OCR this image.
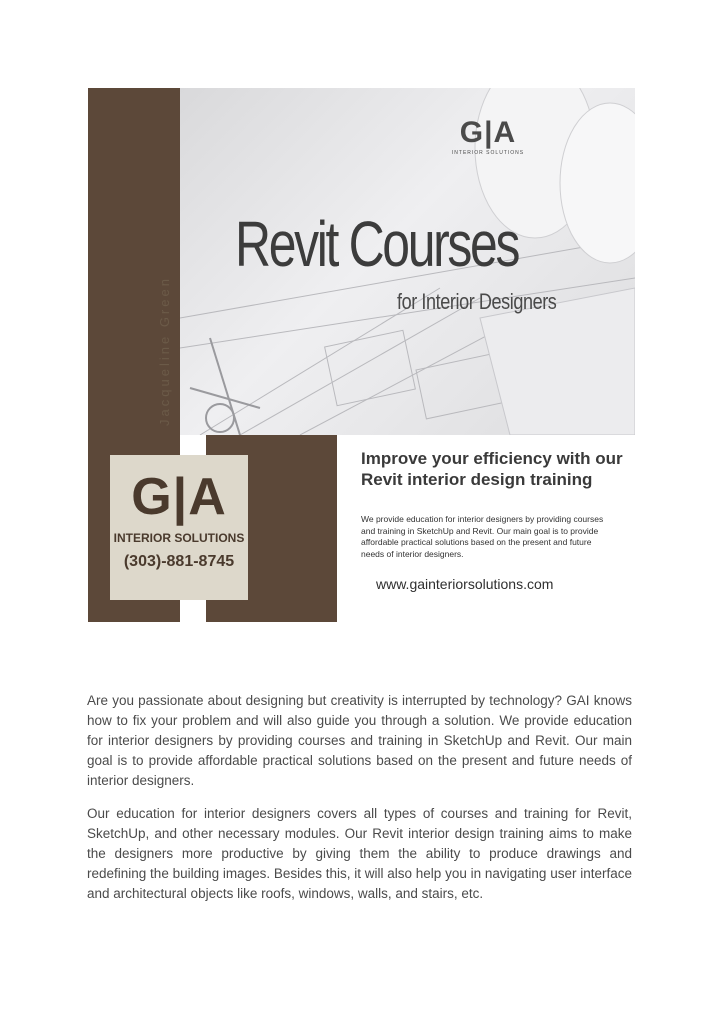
G|A
INTERIOR SOLUTIONS
Jacqueline Green
Revit Courses
for Interior Designers
G|A
INTERIOR SOLUTIONS
(303)-881-8745
Improve your efficiency with our Revit interior design training
We provide education for interior designers by providing courses and training in SketchUp and Revit. Our main goal is to provide affordable practical solutions based on the present and future needs of interior designers.
www.gainteriorsolutions.com

Are you passionate about designing but creativity is interrupted by technology? GAI knows how to fix your problem and will also guide you through a solution. We provide education for interior designers by providing courses and training in SketchUp and Revit. Our main goal is to provide affordable practical solutions based on the present and future needs of interior designers.

Our education for interior designers covers all types of courses and training for Revit, SketchUp, and other necessary modules. Our Revit interior design training aims to make the designers more productive by giving them the ability to produce drawings and redefining the building images. Besides this, it will also help you in navigating user interface and architectural objects like roofs, windows, walls, and stairs, etc.
